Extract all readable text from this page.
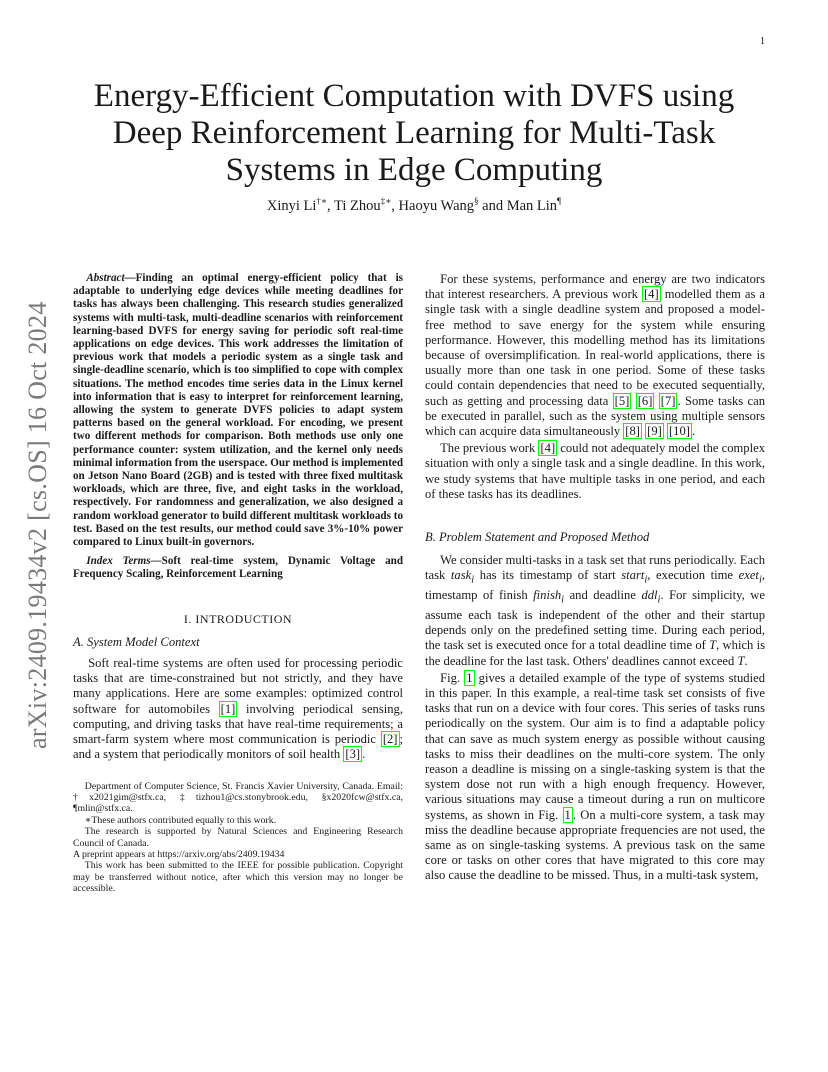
1
arXiv:2409.19434v2 [cs.OS] 16 Oct 2024
Energy-Efficient Computation with DVFS using
Deep Reinforcement Learning for Multi-Task
Systems in Edge Computing
Xinyi Li†∗, Ti Zhou‡∗, Haoyu Wang§ and Man Lin¶

Abstract—Finding an optimal energy-efficient policy that is adaptable to underlying edge devices while meeting deadlines for tasks has always been challenging. This research studies generalized systems with multi-task, multi-deadline scenarios with reinforcement learning-based DVFS for energy saving for periodic soft real-time applications on edge devices. This work addresses the limitation of previous work that models a periodic system as a single task and single-deadline scenario, which is too simplified to cope with complex situations. The method encodes time series data in the Linux kernel into information that is easy to interpret for reinforcement learning, allowing the system to generate DVFS policies to adapt system patterns based on the general workload. For encoding, we present two different methods for comparison. Both methods use only one performance counter: system utilization, and the kernel only needs minimal information from the userspace. Our method is implemented on Jetson Nano Board (2GB) and is tested with three fixed multitask workloads, which are three, five, and eight tasks in the workload, respectively. For randomness and generalization, we also designed a random workload generator to build different multitask workloads to test. Based on the test results, our method could save 3%-10% power compared to Linux built-in governors.

Index Terms—Soft real-time system, Dynamic Voltage and Frequency Scaling, Reinforcement Learning

I. INTRODUCTION
A. System Model Context

Soft real-time systems are often used for processing periodic tasks that are time-constrained but not strictly, and they have many applications. Here are some examples: optimized control software for automobiles [1] involving periodical sensing, computing, and driving tasks that have real-time requirements; a smart-farm system where most communication is periodic [2] ; and a system that periodically monitors of soil health [3] .

Department of Computer Science, St. Francis Xavier University, Canada. Email: †x2021gim@stfx.ca, ‡tizhou1@cs.stonybrook.edu, §x2020fcw@stfx.ca, ¶mlin@stfx.ca.

∗These authors contributed equally to this work.

The research is supported by Natural Sciences and Engineering Research Council of Canada.

A preprint appears at https://arxiv.org/abs/2409.19434

This work has been submitted to the IEEE for possible publication. Copyright may be transferred without notice, after which this version may no longer be accessible.

For these systems, performance and energy are two indicators that interest researchers. A previous work [4] modelled them as a single task with a single deadline system and proposed a model-free method to save energy for the system while ensuring performance. However, this modelling method has its limitations because of oversimplification. In real-world applications, there is usually more than one task in one period. Some of these tasks could contain dependencies that need to be executed sequentially, such as getting and processing data [5] [6] [7] . Some tasks can be executed in parallel, such as the system using multiple sensors which can acquire data simultaneously [8] [9] [10] .

The previous work [4] could not adequately model the complex situation with only a single task and a single deadline. In this work, we study systems that have multiple tasks in one period, and each of these tasks has its deadlines.

B. Problem Statement and Proposed Method

We consider multi-tasks in a task set that runs periodically. Each task task$_i$ has its timestamp of start start$_i$, execution time exet$_i$, timestamp of finish finish$_i$ and deadline ddl$_i$. For simplicity, we assume each task is independent of the other and their startup depends only on the predefined setting time. During each period, the task set is executed once for a total deadline time of T, which is the deadline for the last task. Others' deadlines cannot exceed T.

Fig. 1 gives a detailed example of the type of systems studied in this paper. In this example, a real-time task set consists of five tasks that run on a device with four cores. This series of tasks runs periodically on the system. Our aim is to find a adaptable policy that can save as much system energy as possible without causing tasks to miss their deadlines on the multi-core system. The only reason a deadline is missing on a single-tasking system is that the system dose not run with a high enough frequency. However, various situations may cause a timeout during a run on multicore systems, as shown in Fig. 1 . On a multi-core system, a task may miss the deadline because appropriate frequencies are not used, the same as on single-tasking systems. A previous task on the same core or tasks on other cores that have migrated to this core may also cause the deadline to be missed. Thus, in a multi-task system,
